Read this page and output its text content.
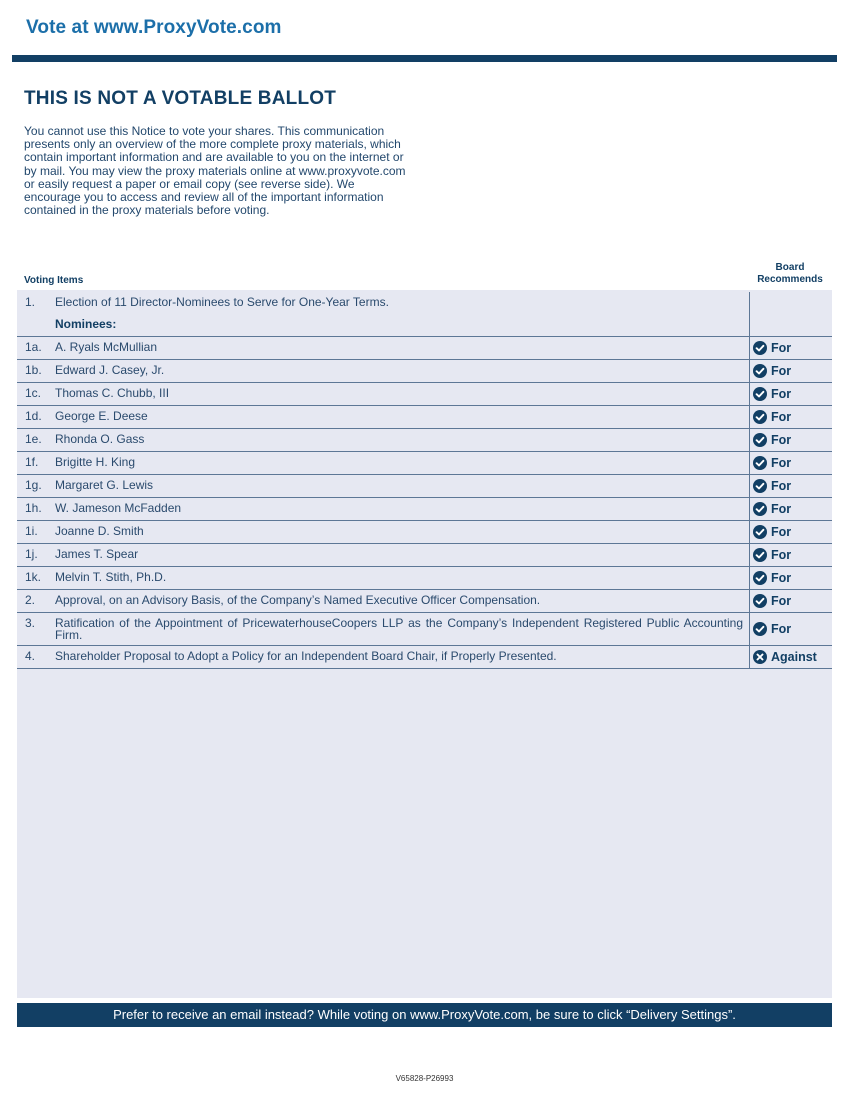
Vote at www.ProxyVote.com
THIS IS NOT A VOTABLE BALLOT
You cannot use this Notice to vote your shares. This communication presents only an overview of the more complete proxy materials, which contain important information and are available to you on the internet or by mail. You may view the proxy materials online at www.proxyvote.com or easily request a paper or email copy (see reverse side). We encourage you to access and review all of the important information contained in the proxy materials before voting.
Voting Items
Board
Recommends
1. Election of 11 Director-Nominees to Serve for One-Year Terms.
Nominees:
1a. A. Ryals McMullian	For
1b. Edward J. Casey, Jr.	For
1c. Thomas C. Chubb, III	For
1d. George E. Deese	For
1e. Rhonda O. Gass	For
1f. Brigitte H. King	For
1g. Margaret G. Lewis	For
1h. W. Jameson McFadden	For
1i. Joanne D. Smith	For
1j. James T. Spear	For
1k. Melvin T. Stith, Ph.D.	For
2. Approval, on an Advisory Basis, of the Company’s Named Executive Officer Compensation.	For
3. Ratification of the Appointment of PricewaterhouseCoopers LLP as the Company’s Independent Registered Public Accounting Firm.	For
4. Shareholder Proposal to Adopt a Policy for an Independent Board Chair, if Properly Presented.	Against
Prefer to receive an email instead? While voting on www.ProxyVote.com, be sure to click “Delivery Settings”.
V65828-P26993
